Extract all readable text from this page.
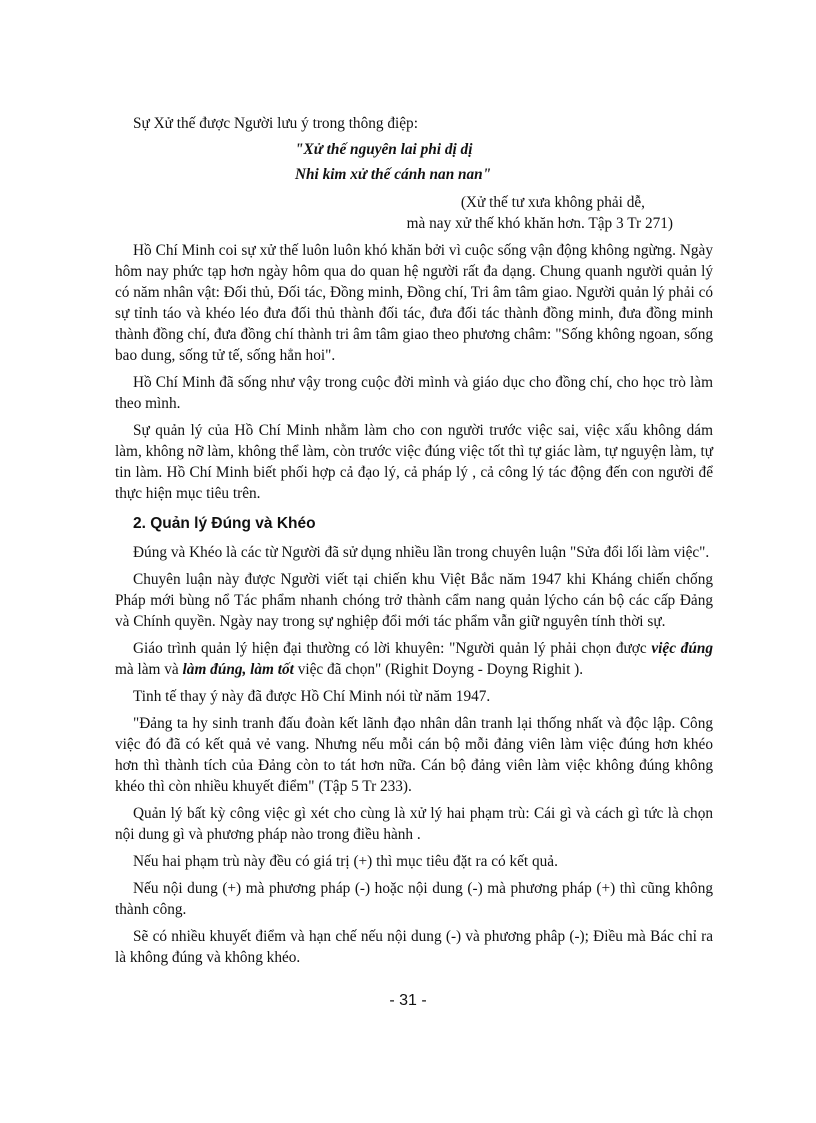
Sự Xử thế được Người lưu ý trong thông điệp:

"Xử thế nguyên lai phi dị dị

Nhi kim xử thế cánh nan nan"

(Xử thế tư xưa không phải dễ,

mà nay xử thế khó khăn hơn. Tập 3 Tr 271)

Hồ Chí Minh coi sự xử thế luôn luôn khó khăn bởi vì cuộc sống vận động không ngừng. Ngày hôm nay phức tạp hơn ngày hôm qua do quan hệ người rất đa dạng. Chung quanh người quản lý có năm nhân vật: Đối thủ, Đối tác, Đồng minh, Đồng chí, Tri âm tâm giao. Người quản lý phải có sự tỉnh táo và khéo léo đưa đối thủ thành đối tác, đưa đối tác thành đồng minh, đưa đồng minh thành đồng chí, đưa đồng chí thành tri âm tâm giao theo phương châm: "Sống không ngoan, sống bao dung, sống tử tế, sống hẳn hoi".

Hồ Chí Minh đã sống như vậy trong cuộc đời mình và giáo dục cho đồng chí, cho học trò làm theo mình.

Sự quản lý của Hồ Chí Minh nhằm làm cho con người trước việc sai, việc xấu không dám làm, không nỡ làm, không thể làm, còn trước việc đúng việc tốt thì tự giác làm, tự nguyện làm, tự tin làm. Hồ Chí Minh biết phối hợp cả đạo lý, cả pháp lý , cả công lý tác động đến con người để thực hiện mục tiêu trên.

2. Quản lý Đúng và Khéo

Đúng và Khéo là các từ Người đã sử dụng nhiều lần trong chuyên luận "Sửa đổi lối làm việc".

Chuyên luận này được Người viết tại chiến khu Việt Bắc năm 1947 khi Kháng chiến chống Pháp mới bùng nổ Tác phẩm nhanh chóng trở thành cẩm nang quản lýcho cán bộ các cấp Đảng và Chính quyền. Ngày nay trong sự nghiệp đổi mới tác phẩm vẫn giữ nguyên tính thời sự.

Giáo trình quản lý hiện đại thường có lời khuyên: "Người quản lý phải chọn được việc đúng mà làm và làm đúng, làm tốt việc đã chọn" (Righit Doyng - Doyng Righit ).

Tinh tế thay ý này đã được Hồ Chí Minh nói từ năm 1947.

"Đảng ta hy sinh tranh đấu đoàn kết lãnh đạo nhân dân tranh lại thống nhất và độc lập. Công việc đó đã có kết quả vẻ vang. Nhưng nếu mỗi cán bộ mỗi đảng viên làm việc đúng hơn khéo hơn thì thành tích của Đảng còn to tát hơn nữa. Cán bộ đảng viên làm việc không đúng không khéo thì còn nhiều khuyết điểm" (Tập 5 Tr 233).

Quản lý bất kỳ công việc gì xét cho cùng là xử lý hai phạm trù: Cái gì và cách gì tức là chọn nội dung gì và phương pháp nào trong điều hành .

Nếu hai phạm trù này đều có giá trị (+) thì mục tiêu đặt ra có kết quả.

Nếu nội dung (+) mà phương pháp (-) hoặc nội dung (-) mà phương pháp (+) thì cũng không thành công.

Sẽ có nhiều khuyết điểm và hạn chế nếu nội dung (-) và phương phâp (-); Điều mà Bác chỉ ra là không đúng và không khéo.

- 31 -
